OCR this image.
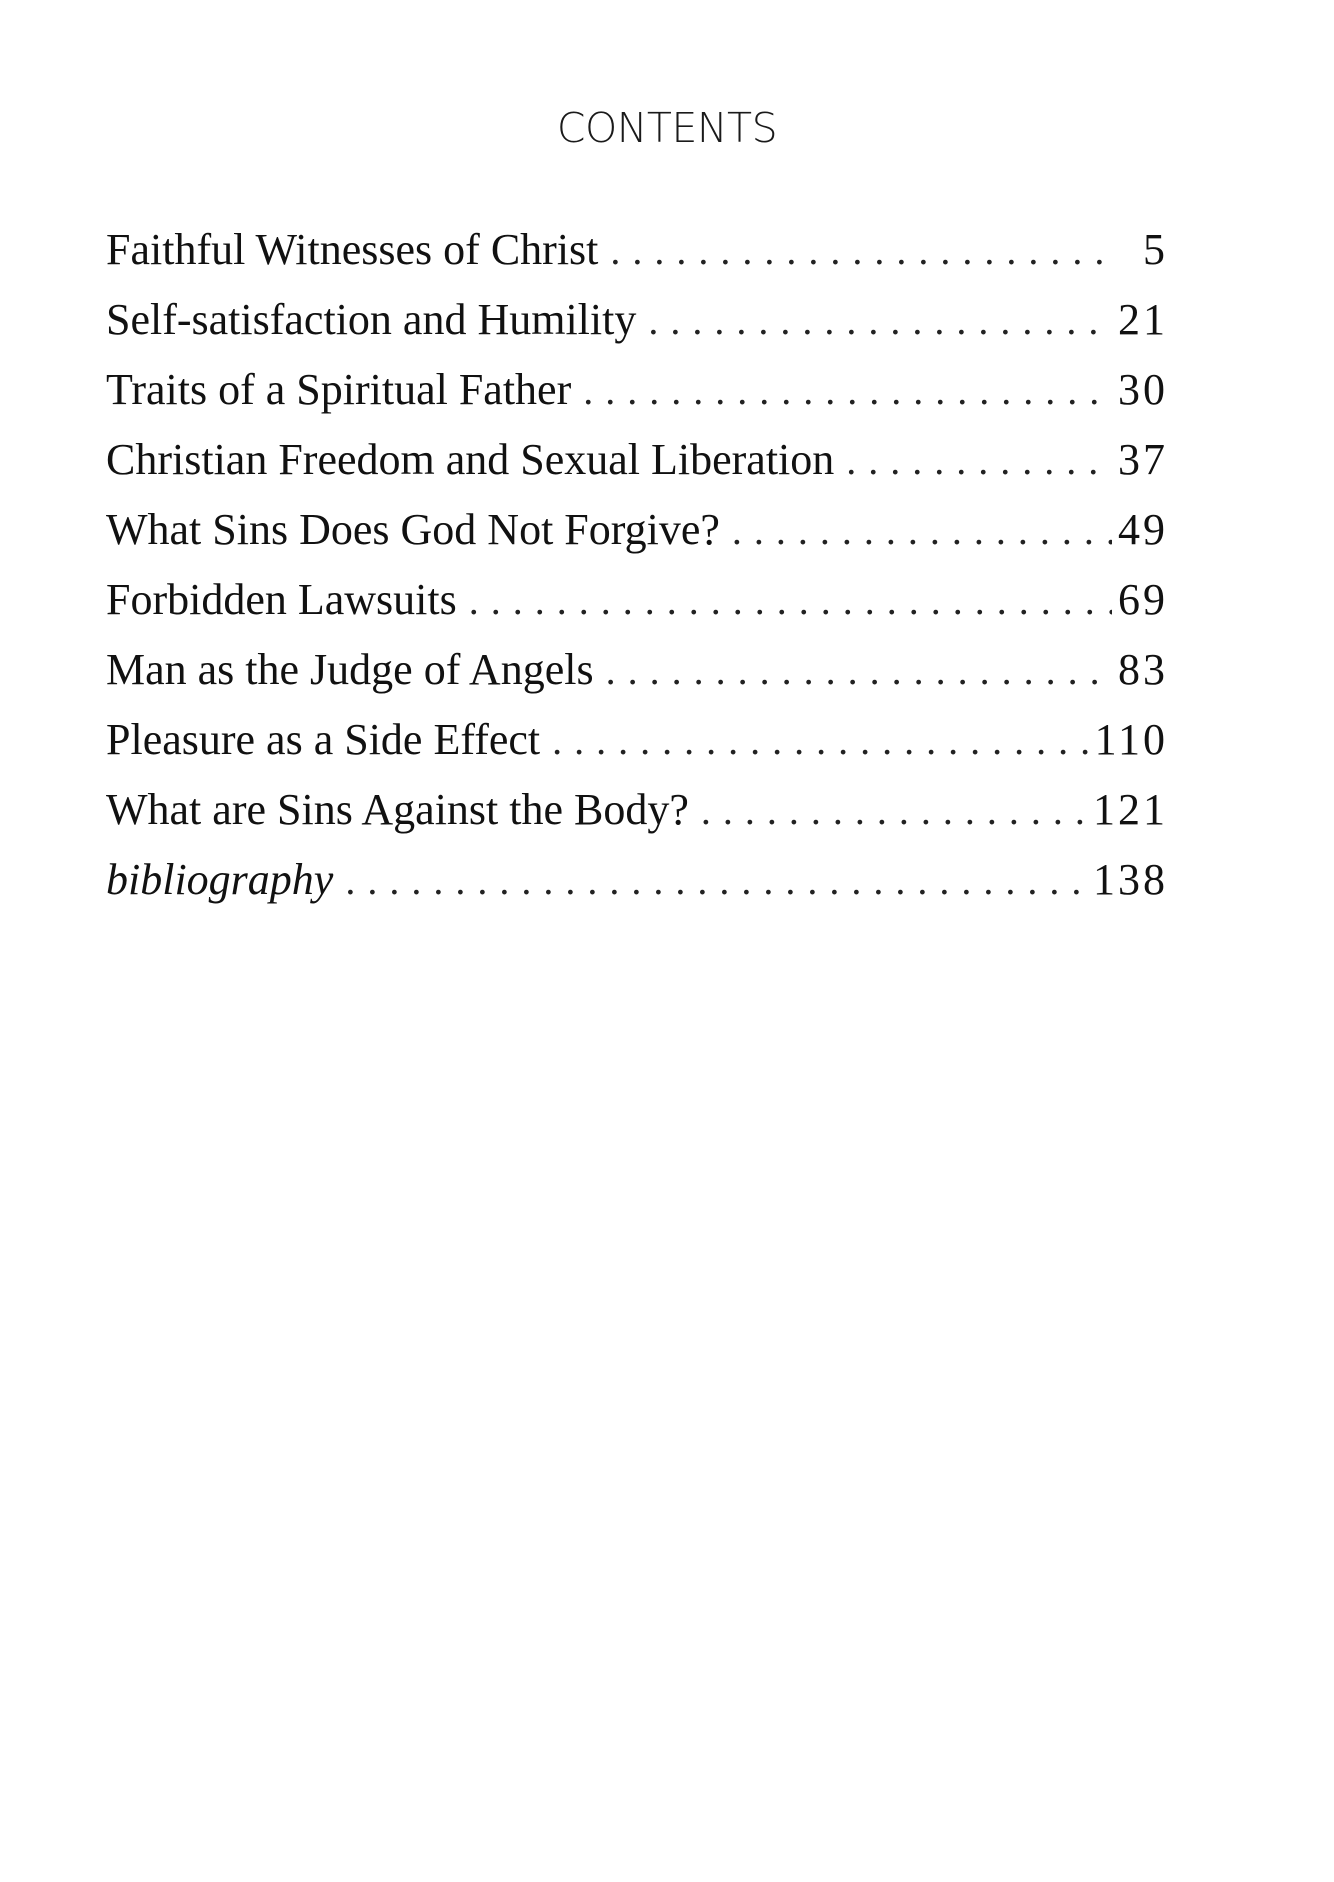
CONTENTS
Faithful Witnesses of Christ . . .	5
Self-satisfaction and Humility . . .	21
Traits of a Spiritual Father . . .	30
Christian Freedom and Sexual Liberation . . .	37
What Sins Does God Not Forgive? . . .	49
Forbidden Lawsuits . . .	69
Man as the Judge of Angels . . .	83
Pleasure as a Side Effect . . .	110
What are Sins Against the Body? . . .	121
bibliography . . .	138
